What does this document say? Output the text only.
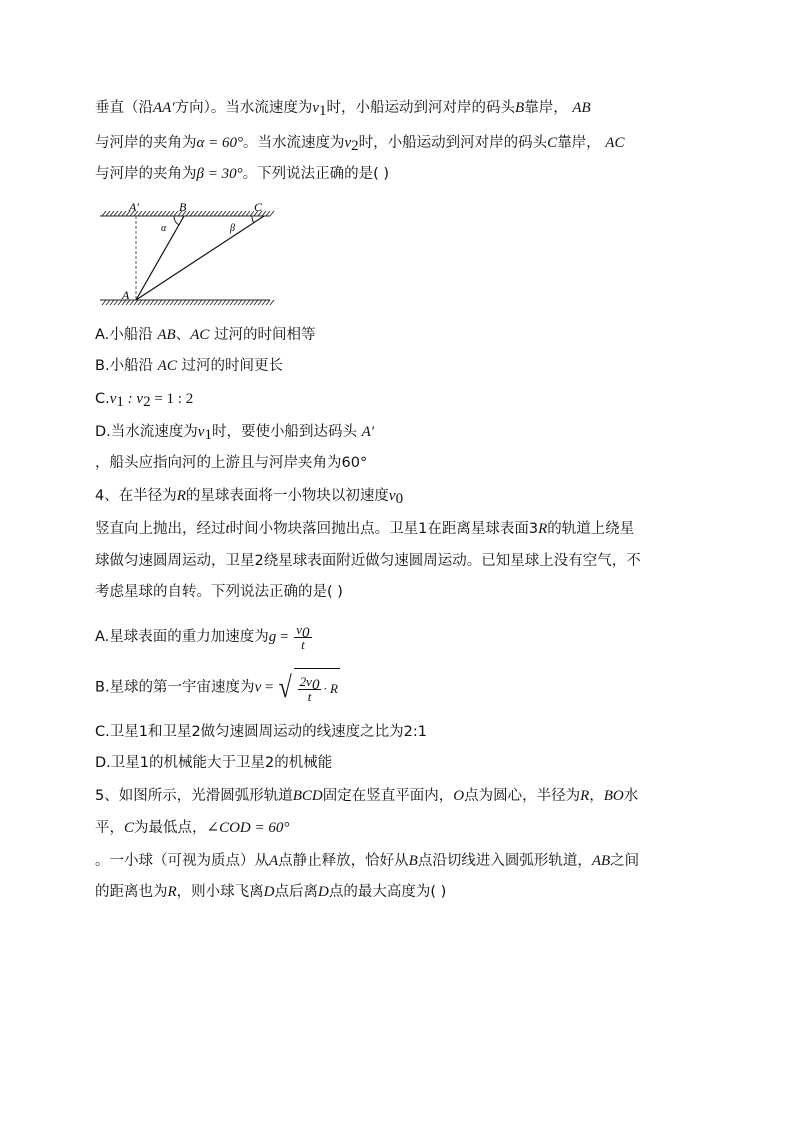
垂直（沿AA′方向）。当水流速度为$v_1$时，小船运动到河对岸的码头B靠岸， AB
与河岸的夹角为α = 60°。当水流速度为$v_2$时，小船运动到河对岸的码头C靠岸， AC
与河岸的夹角为β = 30°。下列说法正确的是( )
A′	B	C
α	β
A
A.小船沿 AB、AC 过河的时间相等
B.小船沿 AC 过河的时间更长
$C.v_1$ : $v_2 = 1$ : 2
D.当水流速度为$v_1$时，要使小船到达码头 A′
，船头应指向河的上游且与河岸夹角为60°
4、在半径为R的星球表面将一小物块以初速度$v_0$
竖直向上抛出，经过t时间小物块落回抛出点。卫星1在距离星球表面3R的轨道上绕星
球做匀速圆周运动，卫星2绕星球表面附近做匀速圆周运动。已知星球上没有空气，不
考虑星球的自转。下列说法正确的是( )
A.星球表面的重力加速度为$g = \frac{v_0}{t}$
B.星球的第一宇宙速度为v = √ $\frac{2v_0}{t} \cdot R$
C.卫星1和卫星2做匀速圆周运动的线速度之比为2:1
D.卫星1的机械能大于卫星2的机械能
5、如图所示，光滑圆弧形轨道BCD固定在竖直平面内，O点为圆心，半径为R，BO水
平，C为最低点，∠COD = 60°
。一小球（可视为质点）从A点静止释放，恰好从B点沿切线进入圆弧形轨道，AB之间
的距离也为R，则小球飞离D点后离D点的最大高度为( )
